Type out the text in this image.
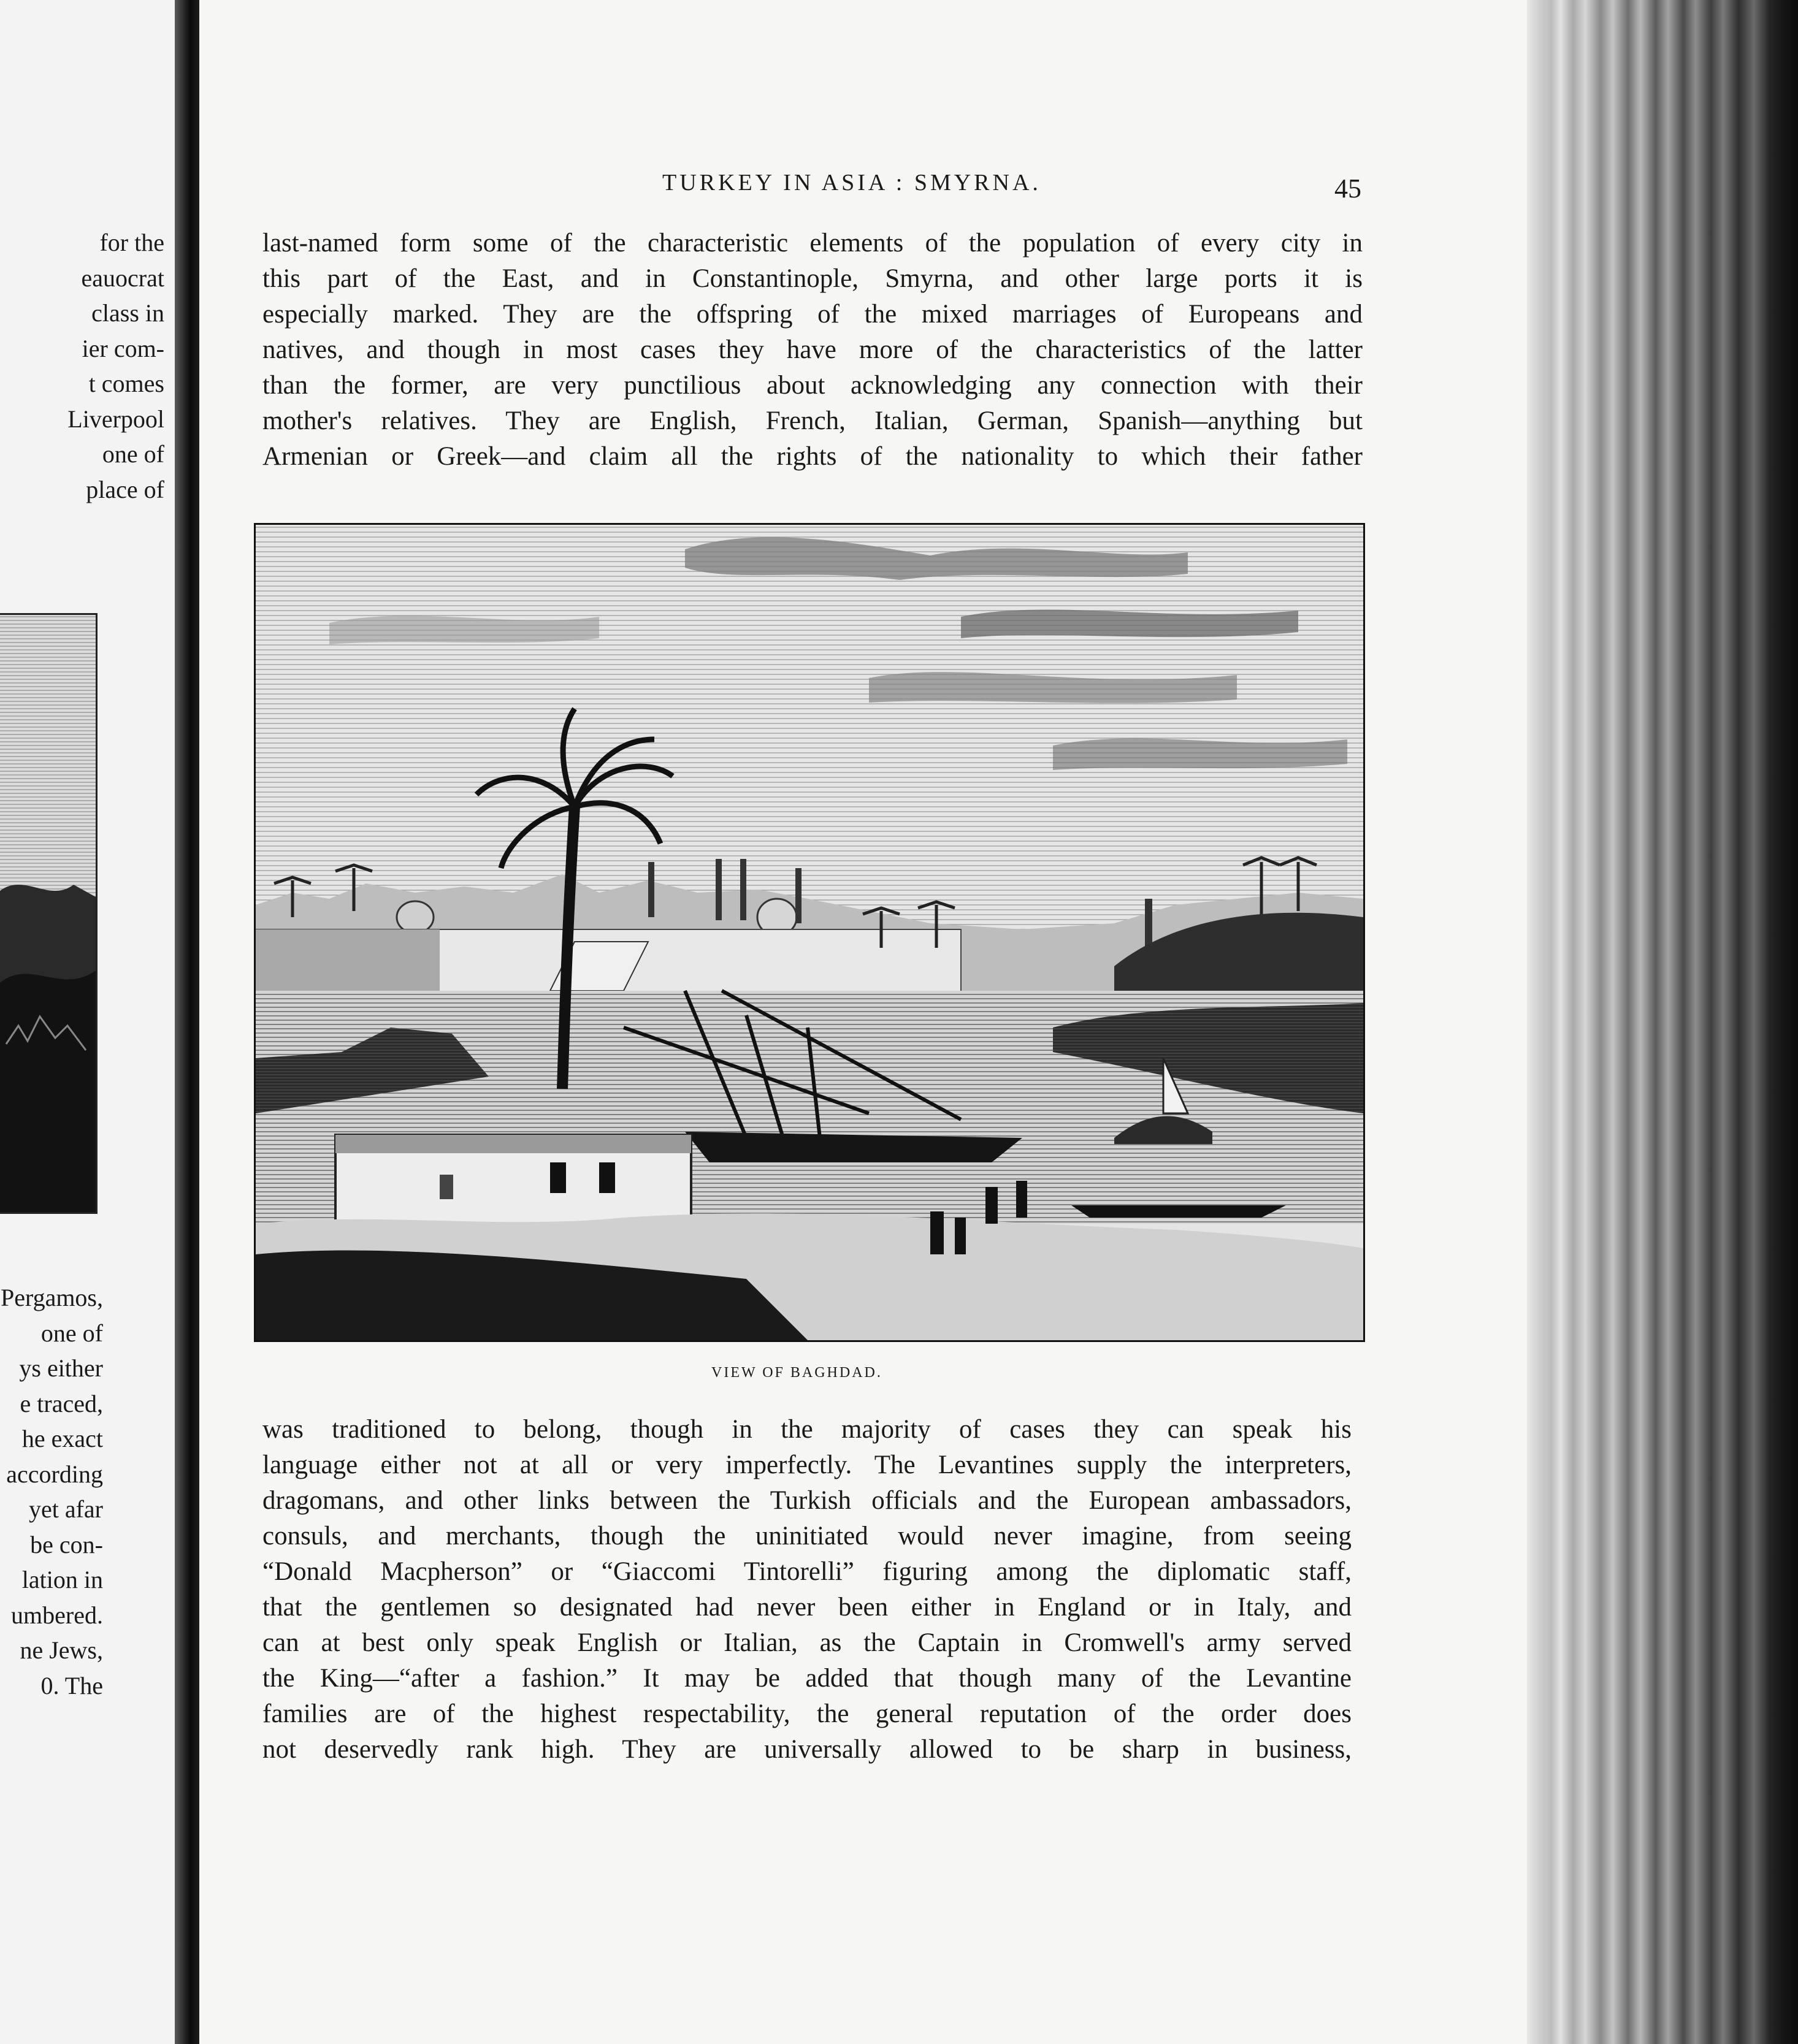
for the
eauocrat
class in
ier com-
t comes
Liverpool
one of
place of
Pergamos,
one of
ys either
e traced,
he exact
according
yet afar
be con-
lation in
umbered.
ne Jews,
0. The
TURKEY IN ASIA : SMYRNA.	45
last-named form some of the characteristic elements of the population of every city in
this part of the East, and in Constantinople, Smyrna, and other large ports it is
especially marked. They are the offspring of the mixed marriages of Europeans and
natives, and though in most cases they have more of the characteristics of the latter
than the former, are very punctilious about acknowledging any connection with their
mother's relatives. They are English, French, Italian, German, Spanish—anything but
Armenian or Greek—and claim all the rights of the nationality to which their father
VIEW OF BAGHDAD.
was traditioned to belong, though in the majority of cases they can speak his
language either not at all or very imperfectly. The Levantines supply the interpreters,
dragomans, and other links between the Turkish officials and the European ambassadors,
consuls, and merchants, though the uninitiated would never imagine, from seeing
“Donald Macpherson” or “Giaccomi Tintorelli” figuring among the diplomatic staff,
that the gentlemen so designated had never been either in England or in Italy, and
can at best only speak English or Italian, as the Captain in Cromwell's army served
the King—“after a fashion.” It may be added that though many of the Levantine
families are of the highest respectability, the general reputation of the order does
not deservedly rank high. They are universally allowed to be sharp in business,
